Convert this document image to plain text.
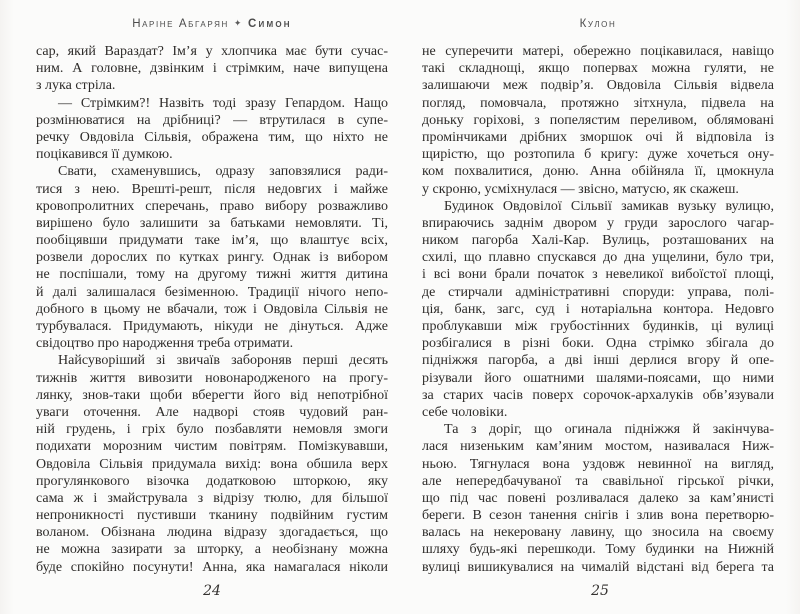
Наріне Абгарян ✦ Симон
сар, який Вараздат? Ім’я у хлопчика має бути сучас-
ним. А головне, дзвінким і стрімким, наче випущена
з лука стріла.
— Стрімким?! Назвіть тоді зразу Гепардом. Нащо
розмінюватися на дрібниці? — втрутилася в супе-
речку Овдовіла Сільвія, ображена тим, що ніхто не
поцікавився її думкою.
Свати, схаменувшись, одразу заповзялися ради-
тися з нею. Врешті-решт, після недовгих і майже
кровопролитних сперечань, право вибору розважливо
вирішено було залишити за батьками немовляти. Ті,
пообіцявши придумати таке ім’я, що влаштує всіх,
розвели дорослих по кутках рингу. Однак із вибором
не поспішали, тому на другому тижні життя дитина
й далі залишалася безіменною. Традиції нічого непо-
добного в цьому не вбачали, тож і Овдовіла Сільвія не
турбувалася. Придумають, нікуди не дінуться. Адже
свідоцтво про народження треба отримати.
Найсуворіший зі звичаїв забороняв перші десять
тижнів життя вивозити новонародженого на прогу-
лянку, знов-таки щоби вберегти його від непотрібної
уваги оточення. Але надворі стояв чудовий ран-
ній грудень, і гріх було позбавляти немовля змоги
подихати морозним чистим повітрям. Помізкувавши,
Овдовіла Сільвія придумала вихід: вона обшила верх
прогулянкового візочка додатковою шторкою, яку
сама ж і змайструвала з відрізу тюлю, для більшої
непроникності пустивши тканину подвійним густим
воланом. Обізнана людина відразу здогадається, що
не можна зазирати за шторку, а необізнану можна
буде спокійно посунути! Анна, яка намагалася ніколи
24
Кулон
не суперечити матері, обережно поцікавилася, навіщо
такі складнощі, якщо попервах можна гуляти, не
залишаючи меж подвір’я. Овдовіла Сільвія відвела
погляд, помовчала, протяжно зітхнула, підвела на
доньку горіхові, з попелястим переливом, облямовані
промінчиками дрібних зморшок очі й відповіла із
щирістю, що розтопила б кригу: дуже хочеться ону-
ком похвалитися, доню. Анна обійняла її, цмокнула
у скроню, усміхнулася — звісно, матусю, як скажеш.
Будинок Овдовілої Сільвії замикав вузьку вулицю,
впираючись заднім двором у груди зарослого чагар-
ником пагорба Халі-Кар. Вулиць, розташованих на
схилі, що плавно спускався до дна ущелини, було три,
і всі вони брали початок з невеликої вибоїстої площі,
де стирчали адміністративні споруди: управа, полі-
ція, банк, загс, суд і нотаріальна контора. Недовго
проблукавши між грубостінних будинків, ці вулиці
розбігалися в різні боки. Одна стрімко збігала до
підніжжя пагорба, а дві інші дерлися вгору й опе-
різували його ошатними шалями-поясами, що ними
за старих часів поверх сорочок-архалуків обв’язували
себе чоловіки.
Та з доріг, що огинала підніжжя й закінчува-
лася низеньким кам’яним мостом, називалася Ниж-
ньою. Тягнулася вона уздовж невинної на вигляд,
але непередбачуваної та свавільної гірської річки,
що під час повені розливалася далеко за кам’янисті
береги. В сезон танення снігів і злив вона перетворю-
валась на некеровану лавину, що зносила на своєму
шляху будь-які перешкоди. Тому будинки на Нижній
вулиці вишикувалися на чималій відстані від берега та
25
